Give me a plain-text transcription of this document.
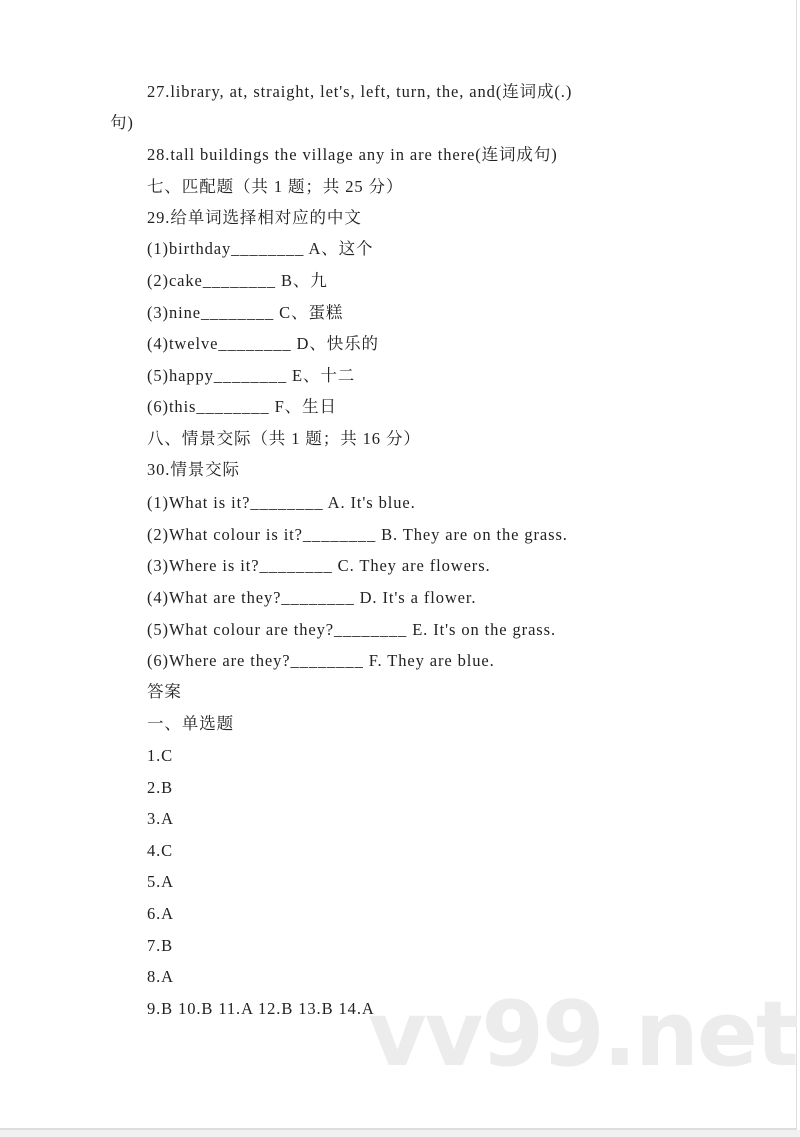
vv99.net
27.library, at, straight, let's, left, turn, the, and(连词成(.)
句)
28.tall buildings the village any in are there(连词成句)
七、匹配题（共 1 题；共 25 分）
29.给单词选择相对应的中文
(1)birthday________ A、这个
(2)cake________ B、九
(3)nine________ C、蛋糕
(4)twelve________ D、快乐的
(5)happy________ E、十二
(6)this________ F、生日
八、情景交际（共 1 题；共 16 分）
30.情景交际
(1)What is it?________ A. It's blue.
(2)What colour is it?________ B. They are on the grass.
(3)Where is it?________ C. They are flowers.
(4)What are they?________ D. It's a flower.
(5)What colour are they?________ E. It's on the grass.
(6)Where are they?________ F. They are blue.
答案
一、单选题
1.C
2.B
3.A
4.C
5.A
6.A
7.B
8.A
9.B 10.B 11.A 12.B 13.B 14.A
